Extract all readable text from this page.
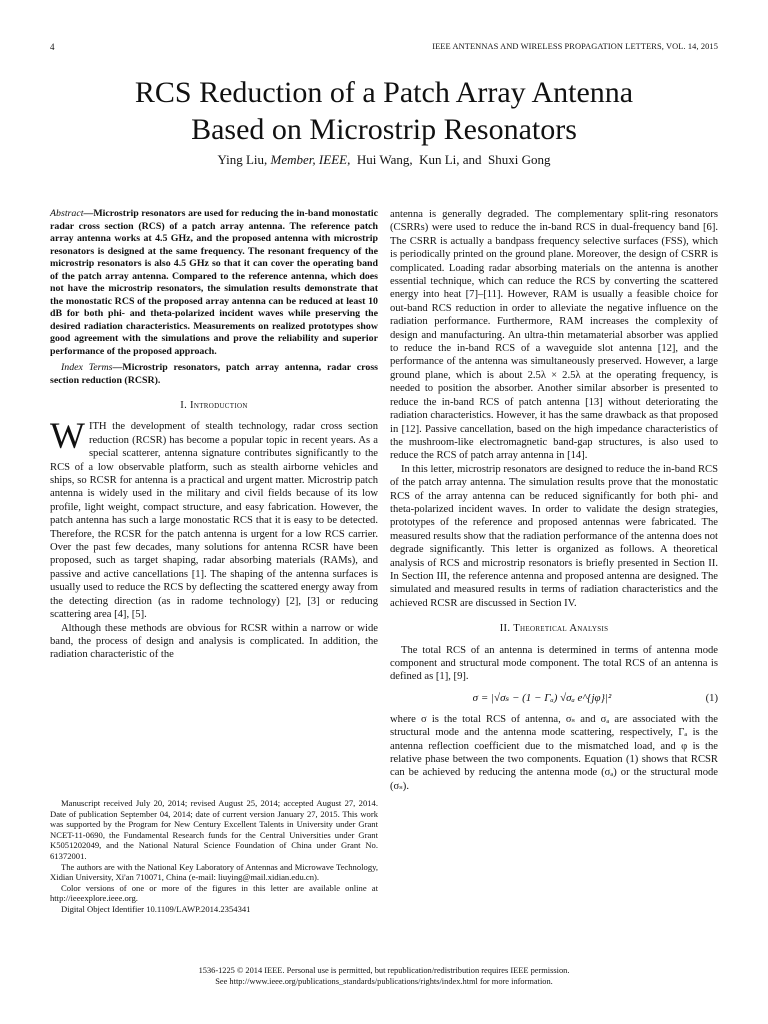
4	IEEE ANTENNAS AND WIRELESS PROPAGATION LETTERS, VOL. 14, 2015
RCS Reduction of a Patch Array Antenna
Based on Microstrip Resonators
Ying Liu, Member, IEEE,  Hui Wang,  Kun Li, and  Shuxi Gong

Abstract—Microstrip resonators are used for reducing the in-band monostatic radar cross section (RCS) of a patch array antenna. The reference patch array antenna works at 4.5 GHz, and the proposed antenna with microstrip resonators is designed at the same frequency. The resonant frequency of the microstrip resonators is also 4.5 GHz so that it can cover the operating band of the patch array antenna. Compared to the reference antenna, which does not have the microstrip resonators, the simulation results demonstrate that the monostatic RCS of the proposed array antenna can be reduced at least 10 dB for both phi- and theta-polarized incident waves while preserving the desired radiation characteristics. Measurements on realized prototypes show good agreement with the simulations and prove the reliability and superior performance of the proposed approach.

Index Terms—Microstrip resonators, patch array antenna, radar cross section reduction (RCSR).

I. Introduction

WITH the development of stealth technology, radar cross section reduction (RCSR) has become a popular topic in recent years. As a special scatterer, antenna signature contributes significantly to the RCS of a low observable platform, such as stealth airborne vehicles and ships, so RCSR for antenna is a practical and urgent matter. Microstrip patch antenna is widely used in the military and civil fields because of its low profile, light weight, compact structure, and easy fabrication. However, the patch antenna has such a large monostatic RCS that it is easy to be detected. Therefore, the RCSR for the patch antenna is urgent for a low RCS carrier. Over the past few decades, many solutions for antenna RCSR have been proposed, such as target shaping, radar absorbing materials (RAMs), and passive and active cancellations [1]. The shaping of the antenna surfaces is usually used to reduce the RCS by deflecting the scattered energy away from the detecting direction (as in radome technology) [2], [3] or reducing scattering area [4], [5].

Although these methods are obvious for RCSR within a narrow or wide band, the process of design and analysis is complicated. In addition, the radiation characteristic of the

Manuscript received July 20, 2014; revised August 25, 2014; accepted August 27, 2014. Date of publication September 04, 2014; date of current version January 27, 2015. This work was supported by the Program for New Century Excellent Talents in University under Grant NCET-11-0690, the Fundamental Research funds for the Central Universities under Grant K5051202049, and the National Natural Science Foundation of China under Grant No. 61372001.

The authors are with the National Key Laboratory of Antennas and Microwave Technology, Xidian University, Xi'an 710071, China (e-mail: liuying@mail.xidian.edu.cn).

Color versions of one or more of the figures in this letter are available online at http://ieeexplore.ieee.org.

Digital Object Identifier 10.1109/LAWP.2014.2354341

antenna is generally degraded. The complementary split-ring resonators (CSRRs) were used to reduce the in-band RCS in dual-frequency band [6]. The CSRR is actually a bandpass frequency selective surfaces (FSS), which is periodically printed on the ground plane. Moreover, the design of CSRR is complicated. Loading radar absorbing materials on the antenna is another essential technique, which can reduce the RCS by converting the scattered energy into heat [7]–[11]. However, RAM is usually a feasible choice for out-band RCS reduction in order to alleviate the negative influence on the radiation performance. Furthermore, RAM increases the complexity of design and manufacturing. An ultra-thin metamaterial absorber was applied to reduce the in-band RCS of a waveguide slot antenna [12], and the performance of the antenna was simultaneously preserved. However, a large ground plane, which is about 2.5λ × 2.5λ at the operating frequency, is needed to position the absorber. Another similar absorber is presented to reduce the in-band RCS of patch antenna [13] without deteriorating the radiation characteristics. However, it has the same drawback as that proposed in [12]. Passive cancellation, based on the high impedance characteristics of the mushroom-like electromagnetic band-gap structures, is also used to reduce the RCS of patch array antenna in [14].

In this letter, microstrip resonators are designed to reduce the in-band RCS of the patch array antenna. The simulation results prove that the monostatic RCS of the array antenna can be reduced significantly for both phi- and theta-polarized incident waves. In order to validate the design strategies, prototypes of the reference and proposed antennas were fabricated. The measured results show that the radiation performance of the antenna does not degrade significantly. This letter is organized as follows. A theoretical analysis of RCS and microstrip resonators is briefly presented in Section II. In Section III, the reference antenna and proposed antenna are designed. The simulated and measured results in terms of radiation characteristics and the achieved RCSR are discussed in Section IV.

II. Theoretical Analysis

The total RCS of an antenna is determined in terms of antenna mode component and structural mode component. The total RCS of an antenna is defined as [1], [9].

σ = |√σₛ − (1 − Γₐ) √σₐ e^{jφ}|²	(1)

where σ is the total RCS of antenna, σₛ and σₐ are associated with the structural mode and the antenna mode scattering, respectively, Γₐ is the antenna reflection coefficient due to the mismatched load, and φ is the relative phase between the two components. Equation (1) shows that RCSR can be achieved by reducing the antenna mode (σₐ) or the structural mode (σₛ).

1536-1225 © 2014 IEEE. Personal use is permitted, but republication/redistribution requires IEEE permission.
See http://www.ieee.org/publications_standards/publications/rights/index.html for more information.
